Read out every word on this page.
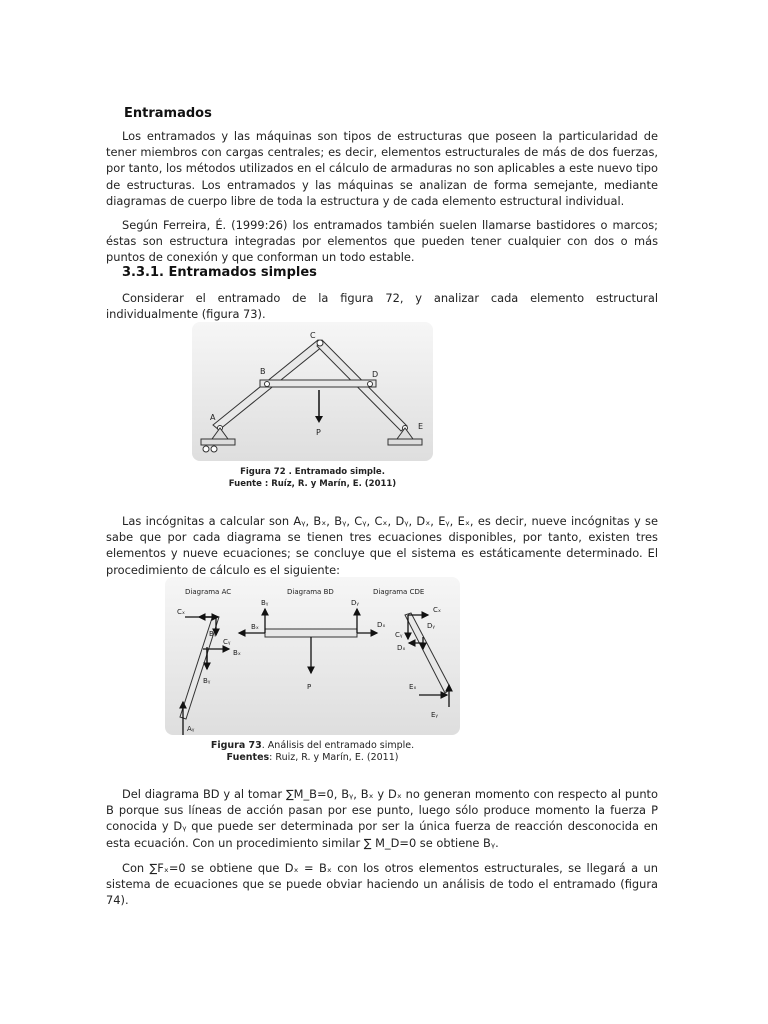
Entramados

Los entramados y las máquinas son tipos de estructuras que poseen la particularidad de tener miembros con cargas centrales; es decir, elementos estructurales de más de dos fuerzas, por tanto, los métodos utilizados en el cálculo de armaduras no son aplicables a este nuevo tipo de estructuras. Los entramados y las máquinas se analizan de forma semejante, mediante diagramas de cuerpo libre de toda la estructura y de cada elemento estructural individual.

Según Ferreira, É. (1999:26) los entramados también suelen llamarse bastidores o marcos; éstas son estructura integradas por elementos que pueden tener cualquier con dos o más puntos de conexión y que conforman un todo estable.

3.3.1. Entramados simples

Considerar el entramado de la figura 72, y analizar cada elemento estructural individualmente (figura 73).

Las incógnitas a calcular son Aᵧ, Bₓ, Bᵧ, Cᵧ, Cₓ, Dᵧ, Dₓ, Eᵧ, Eₓ, es decir, nueve incógnitas y se sabe que por cada diagrama se tienen tres ecuaciones disponibles, por tanto, existen tres elementos y nueve ecuaciones; se concluye que el sistema es estáticamente determinado. El procedimiento de cálculo es el siguiente:

Del diagrama BD y al tomar ∑M_B=0, Bᵧ, Bₓ y Dₓ no generan momento con respecto al punto B porque sus líneas de acción pasan por ese punto, luego sólo produce momento la fuerza P conocida y Dᵧ que puede ser determinada por ser la única fuerza de reacción desconocida en esta ecuación. Con un procedimiento similar ∑ M_D=0 se obtiene Bᵧ.

Con ∑Fₓ=0 se obtiene que Dₓ = Bₓ con los otros elementos estructurales, se llegará a un sistema de ecuaciones que se puede obviar haciendo un análisis de todo el entramado (figura 74).

C
B	D
A
E
P
Figura 72 . Entramado simple.
Fuente : Ruíz, R. y Marín, E. (2011)
Diagrama AC	Diagrama BD	Diagrama CDE
Cₓ
Bᵧ
Cᵧ
Bₓ
Bᵧ
Aᵧ
Bᵧ
Bₓ
Dᵧ
Dₓ
P
Cₓ
Dᵧ
Cᵧ
Dₓ
Eₓ
Eᵧ
Figura 73. Análisis del entramado simple.
Fuentes: Ruiz, R. y Marín, E. (2011)
